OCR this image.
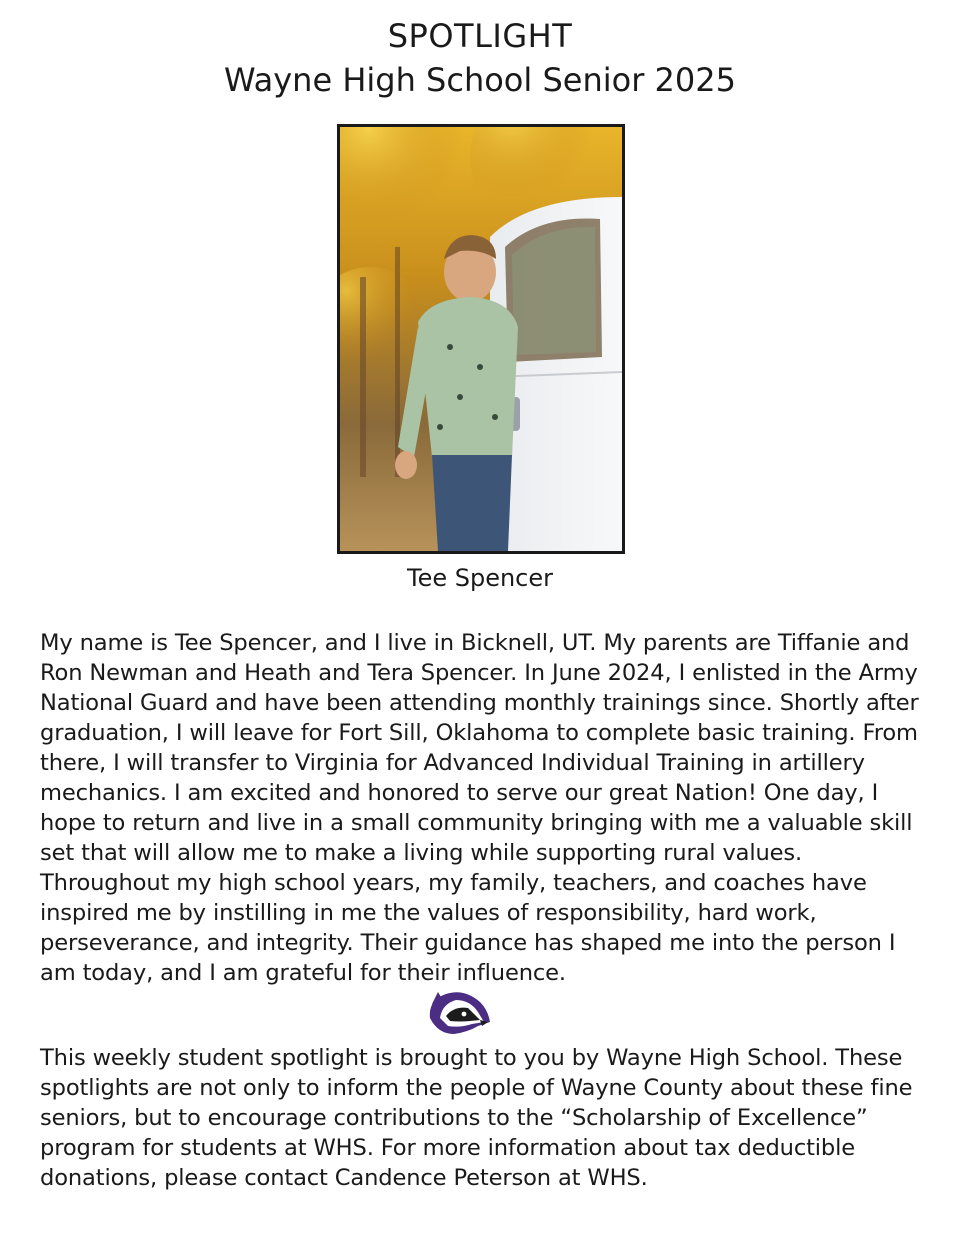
SPOTLIGHT
Wayne High School Senior 2025
Tee Spencer

My name is Tee Spencer, and I live in Bicknell, UT. My parents are Tiffanie and Ron Newman and Heath and Tera Spencer. In June 2024, I enlisted in the Army National Guard and have been attending monthly trainings since. Shortly after graduation, I will leave for Fort Sill, Oklahoma to complete basic training. From there, I will transfer to Virginia for Advanced Individual Training in artillery mechanics. I am excited and honored to serve our great Nation! One day, I hope to return and live in a small community bringing with me a valuable skill set that will allow me to make a living while supporting rural values. Throughout my high school years, my family, teachers, and coaches have inspired me by instilling in me the values of responsibility, hard work, perseverance, and integrity. Their guidance has shaped me into the person I am today, and I am grateful for their influence.

This weekly student spotlight is brought to you by Wayne High School. These spotlights are not only to inform the people of Wayne County about these fine seniors, but to encourage contributions to the “Scholarship of Excellence” program for students at WHS. For more information about tax deductible donations, please contact Candence Peterson at WHS.
